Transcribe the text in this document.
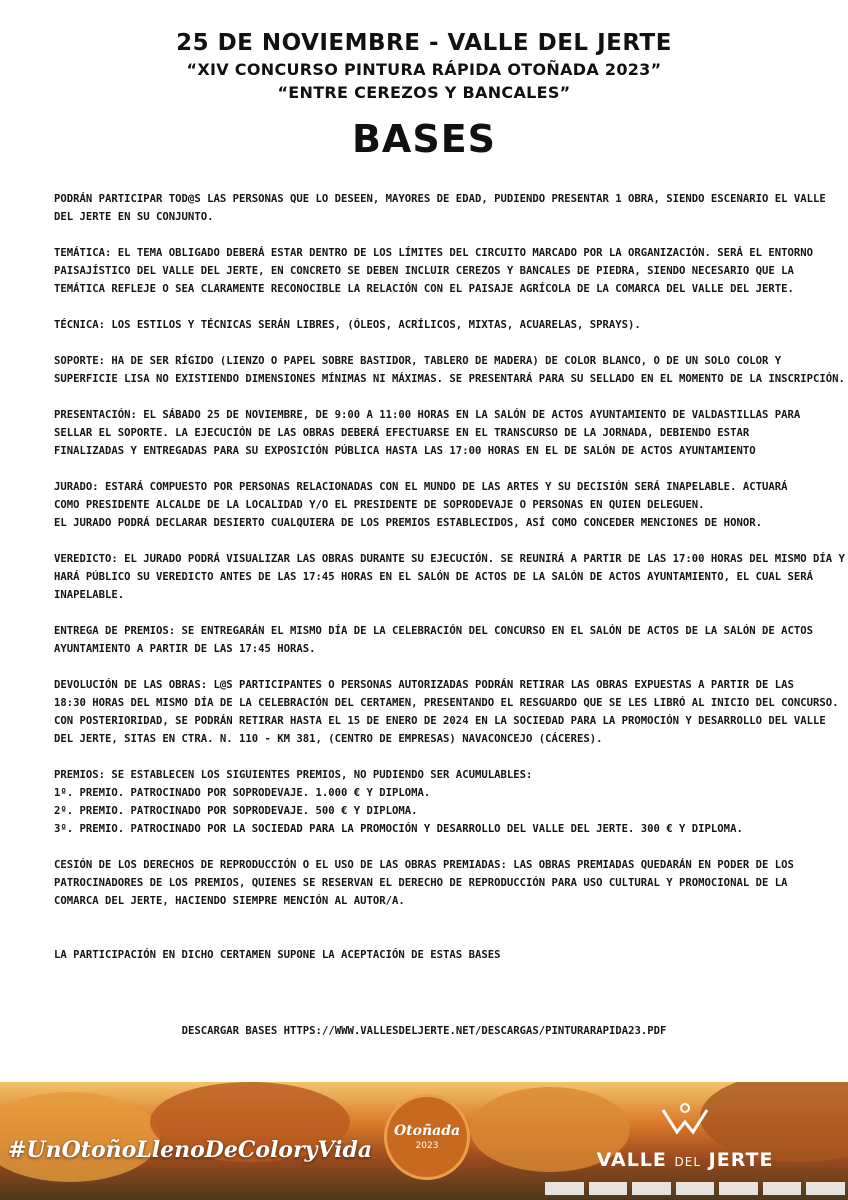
25 DE NOVIEMBRE - VALLE DEL JERTE
“XIV CONCURSO PINTURA RÁPIDA OTOÑADA 2023”
“ENTRE CEREZOS Y BANCALES”
BASES
PODRÁN PARTICIPAR TOD@S LAS PERSONAS QUE LO DESEEN, MAYORES DE EDAD, PUDIENDO PRESENTAR 1 OBRA, SIENDO ESCENARIO EL VALLE
DEL JERTE EN SU CONJUNTO.
TEMÁTICA: EL TEMA OBLIGADO DEBERÁ ESTAR DENTRO DE LOS LÍMITES DEL CIRCUITO MARCADO POR LA ORGANIZACIÓN. SERÁ EL ENTORNO
PAISAJÍSTICO DEL VALLE DEL JERTE, EN CONCRETO SE DEBEN INCLUIR CEREZOS Y BANCALES DE PIEDRA, SIENDO NECESARIO QUE LA
TEMÁTICA REFLEJE O SEA CLARAMENTE RECONOCIBLE LA RELACIÓN CON EL PAISAJE AGRÍCOLA DE LA COMARCA DEL VALLE DEL JERTE.
TÉCNICA: LOS ESTILOS Y TÉCNICAS SERÁN LIBRES, (ÓLEOS, ACRÍLICOS, MIXTAS, ACUARELAS, SPRAYS).
SOPORTE: HA DE SER RÍGIDO (LIENZO O PAPEL SOBRE BASTIDOR, TABLERO DE MADERA) DE COLOR BLANCO, O DE UN SOLO COLOR Y
SUPERFICIE LISA NO EXISTIENDO DIMENSIONES MÍNIMAS NI MÁXIMAS. SE PRESENTARÁ PARA SU SELLADO EN EL MOMENTO DE LA INSCRIPCIÓN.
PRESENTACIÓN: EL SÁBADO 25 DE NOVIEMBRE, DE 9:00 A 11:00 HORAS EN LA SALÓN DE ACTOS AYUNTAMIENTO DE VALDASTILLAS PARA
SELLAR EL SOPORTE. LA EJECUCIÓN DE LAS OBRAS DEBERÁ EFECTUARSE EN EL TRANSCURSO DE LA JORNADA, DEBIENDO ESTAR
FINALIZADAS Y ENTREGADAS PARA SU EXPOSICIÓN PÚBLICA HASTA LAS 17:00 HORAS EN EL DE SALÓN DE ACTOS AYUNTAMIENTO
JURADO: ESTARÁ COMPUESTO POR PERSONAS RELACIONADAS CON EL MUNDO DE LAS ARTES Y SU DECISIÓN SERÁ INAPELABLE. ACTUARÁ
COMO PRESIDENTE ALCALDE DE LA LOCALIDAD Y/O EL PRESIDENTE DE SOPRODEVAJE O PERSONAS EN QUIEN DELEGUEN.
EL JURADO PODRÁ DECLARAR DESIERTO CUALQUIERA DE LOS PREMIOS ESTABLECIDOS, ASÍ COMO CONCEDER MENCIONES DE HONOR.
VEREDICTO: EL JURADO PODRÁ VISUALIZAR LAS OBRAS DURANTE SU EJECUCIÓN. SE REUNIRÁ A PARTIR DE LAS 17:00 HORAS DEL MISMO DÍA Y
HARÁ PÚBLICO SU VEREDICTO ANTES DE LAS 17:45 HORAS EN EL SALÓN DE ACTOS DE LA SALÓN DE ACTOS AYUNTAMIENTO, EL CUAL SERÁ
INAPELABLE.
ENTREGA DE PREMIOS: SE ENTREGARÁN EL MISMO DÍA DE LA CELEBRACIÓN DEL CONCURSO EN EL SALÓN DE ACTOS DE LA SALÓN DE ACTOS
AYUNTAMIENTO A PARTIR DE LAS 17:45 HORAS.
DEVOLUCIÓN DE LAS OBRAS: L@S PARTICIPANTES O PERSONAS AUTORIZADAS PODRÁN RETIRAR LAS OBRAS EXPUESTAS A PARTIR DE LAS
18:30 HORAS DEL MISMO DÍA DE LA CELEBRACIÓN DEL CERTAMEN, PRESENTANDO EL RESGUARDO QUE SE LES LIBRÓ AL INICIO DEL CONCURSO.
CON POSTERIORIDAD, SE PODRÁN RETIRAR HASTA EL 15 DE ENERO DE 2024 EN LA SOCIEDAD PARA LA PROMOCIÓN Y DESARROLLO DEL VALLE
DEL JERTE, SITAS EN CTRA. N. 110 - KM 381, (CENTRO DE EMPRESAS) NAVACONCEJO (CÁCERES).
PREMIOS: SE ESTABLECEN LOS SIGUIENTES PREMIOS, NO PUDIENDO SER ACUMULABLES:
1º. PREMIO. PATROCINADO POR SOPRODEVAJE. 1.000 € Y DIPLOMA.
2º. PREMIO. PATROCINADO POR SOPRODEVAJE. 500 € Y DIPLOMA.
3º. PREMIO. PATROCINADO POR LA SOCIEDAD PARA LA PROMOCIÓN Y DESARROLLO DEL VALLE DEL JERTE. 300 € Y DIPLOMA.
CESIÓN DE LOS DERECHOS DE REPRODUCCIÓN O EL USO DE LAS OBRAS PREMIADAS: LAS OBRAS PREMIADAS QUEDARÁN EN PODER DE LOS
PATROCINADORES DE LOS PREMIOS, QUIENES SE RESERVAN EL DERECHO DE REPRODUCCIÓN PARA USO CULTURAL Y PROMOCIONAL DE LA
COMARCA DEL JERTE, HACIENDO SIEMPRE MENCIÓN AL AUTOR/A.
LA PARTICIPACIÓN EN DICHO CERTAMEN SUPONE LA ACEPTACIÓN DE ESTAS BASES
DESCARGAR BASES HTTPS://WWW.VALLESDELJERTE.NET/DESCARGAS/PINTURARAPIDA23.PDF
#UnOtoñoLlenoDeColoryVida
Otoñada
2023
VALLE DEL JERTE
